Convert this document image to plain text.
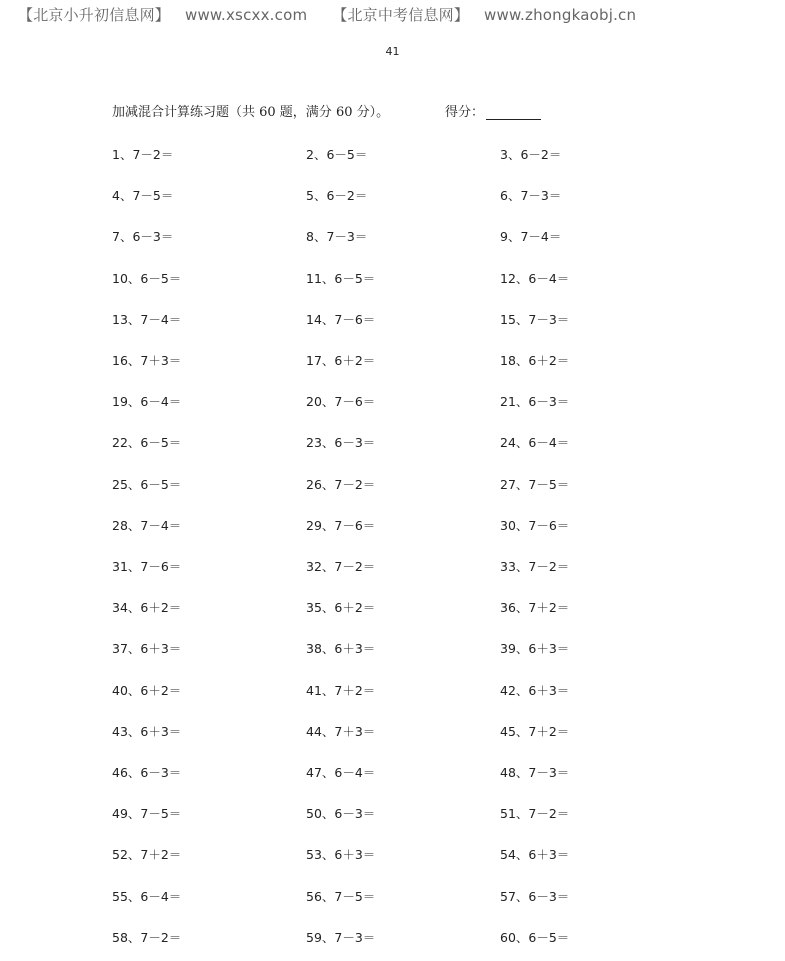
【北京小升初信息网】 www.xscxx.com 【北京中考信息网】 www.zhongkaobj.cn
41
加减混合计算练习题（共 60 题，满分 60 分）。	得分：
1、7－2＝	2、6－5＝	3、6－2＝
4、7－5＝	5、6－2＝	6、7－3＝
7、6－3＝	8、7－3＝	9、7－4＝
10、6－5＝	11、6－5＝	12、6－4＝
13、7－4＝	14、7－6＝	15、7－3＝
16、7＋3＝	17、6＋2＝	18、6＋2＝
19、6－4＝	20、7－6＝	21、6－3＝
22、6－5＝	23、6－3＝	24、6－4＝
25、6－5＝	26、7－2＝	27、7－5＝
28、7－4＝	29、7－6＝	30、7－6＝
31、7－6＝	32、7－2＝	33、7－2＝
34、6＋2＝	35、6＋2＝	36、7＋2＝
37、6＋3＝	38、6＋3＝	39、6＋3＝
40、6＋2＝	41、7＋2＝	42、6＋3＝
43、6＋3＝	44、7＋3＝	45、7＋2＝
46、6－3＝	47、6－4＝	48、7－3＝
49、7－5＝	50、6－3＝	51、7－2＝
52、7＋2＝	53、6＋3＝	54、6＋3＝
55、6－4＝	56、7－5＝	57、6－3＝
58、7－2＝	59、7－3＝	60、6－5＝
